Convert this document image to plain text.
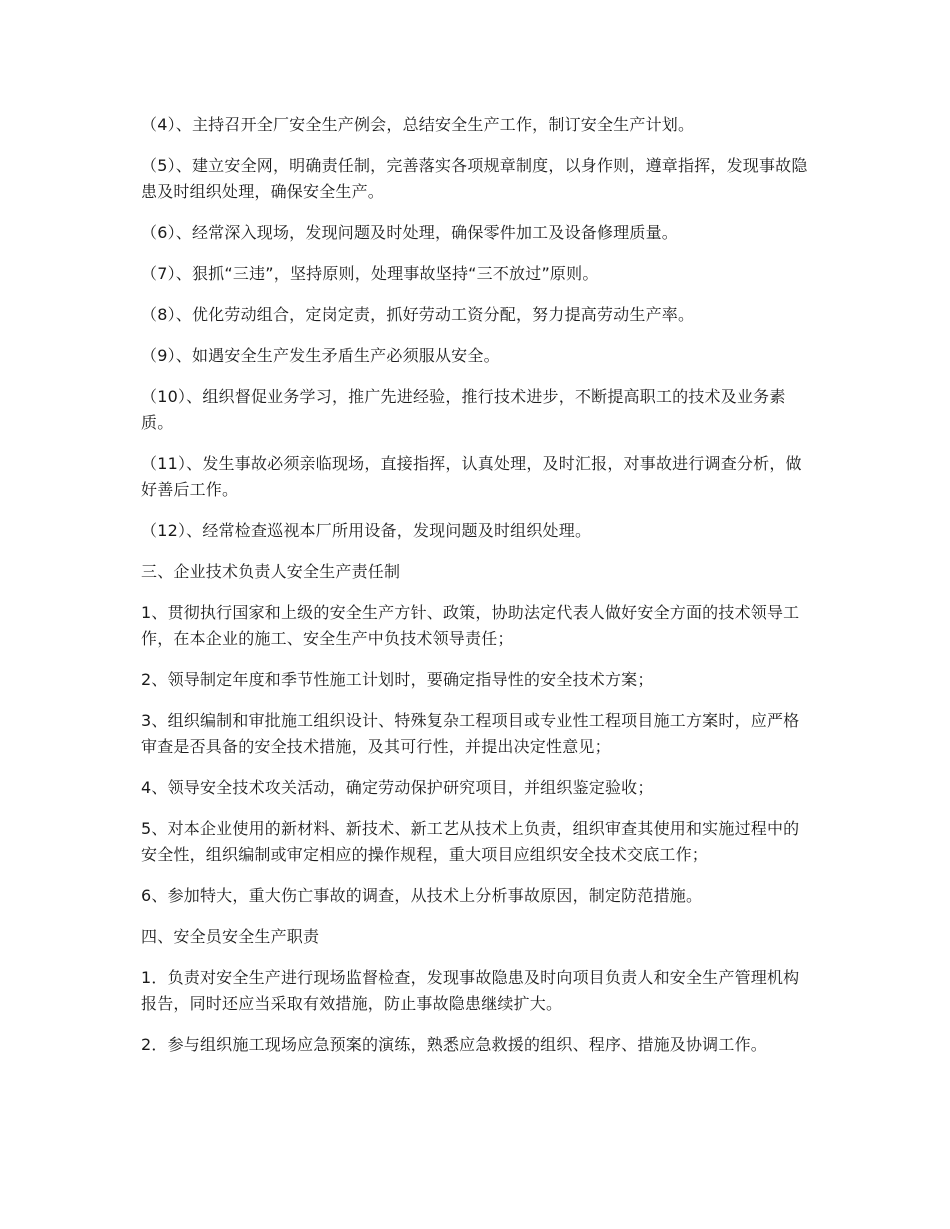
（4）、主持召开全厂安全生产例会，总结安全生产工作，制订安全生产计划。

（5）、建立安全网，明确责任制，完善落实各项规章制度，以身作则，遵章指挥，发现事故隐患及时组织处理，确保安全生产。

（6）、经常深入现场，发现问题及时处理，确保零件加工及设备修理质量。

（7）、狠抓“三违”，坚持原则，处理事故坚持“三不放过”原则。

（8）、优化劳动组合，定岗定责，抓好劳动工资分配，努力提高劳动生产率。

（9）、如遇安全生产发生矛盾生产必须服从安全。

（10）、组织督促业务学习，推广先进经验，推行技术进步，不断提高职工的技术及业务素质。

（11）、发生事故必须亲临现场，直接指挥，认真处理，及时汇报，对事故进行调查分析，做好善后工作。

（12）、经常检查巡视本厂所用设备，发现问题及时组织处理。

三、企业技术负责人安全生产责任制

1、贯彻执行国家和上级的安全生产方针、政策，协助法定代表人做好安全方面的技术领导工作，在本企业的施工、安全生产中负技术领导责任；

2、领导制定年度和季节性施工计划时，要确定指导性的安全技术方案；

3、组织编制和审批施工组织设计、特殊复杂工程项目或专业性工程项目施工方案时，应严格审查是否具备的安全技术措施，及其可行性，并提出决定性意见；

4、领导安全技术攻关活动，确定劳动保护研究项目，并组织鉴定验收；

5、对本企业使用的新材料、新技术、新工艺从技术上负责，组织审查其使用和实施过程中的安全性，组织编制或审定相应的操作规程，重大项目应组织安全技术交底工作；

6、参加特大，重大伤亡事故的调查，从技术上分析事故原因，制定防范措施。

四、安全员安全生产职责

1．负责对安全生产进行现场监督检查，发现事故隐患及时向项目负责人和安全生产管理机构报告，同时还应当采取有效措施，防止事故隐患继续扩大。

2．参与组织施工现场应急预案的演练，熟悉应急救援的组织、程序、措施及协调工作。
